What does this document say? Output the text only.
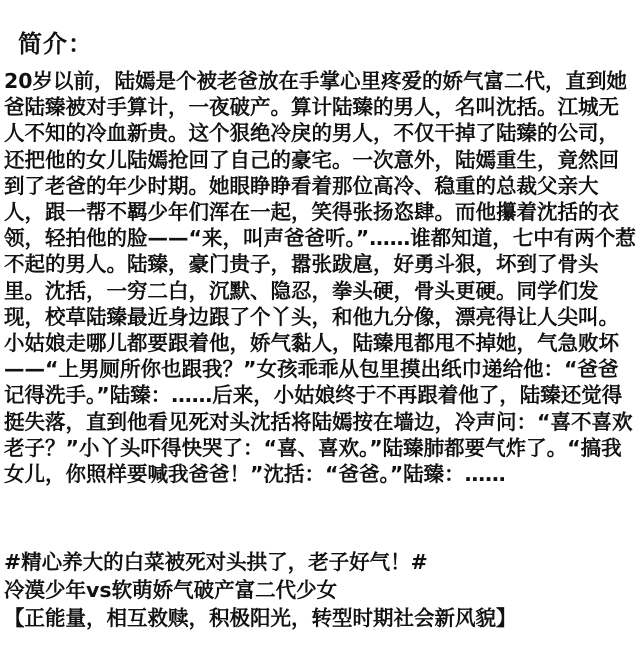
简介：
20岁以前，陆嫣是个被老爸放在手掌心里疼爱的娇气富二代，直到她爸陆臻被对手算计，一夜破产。算计陆臻的男人，名叫沈括。江城无人不知的冷血新贵。这个狠绝冷戾的男人，不仅干掉了陆臻的公司，还把他的女儿陆嫣抢回了自己的豪宅。一次意外，陆嫣重生，竟然回到了老爸的年少时期。她眼睁睁看着那位高冷、稳重的总裁父亲大人，跟一帮不羁少年们浑在一起，笑得张扬恣肆。而他攥着沈括的衣领，轻拍他的脸——“来，叫声爸爸听。”……谁都知道，七中有两个惹不起的男人。陆臻，豪门贵子，嚣张跋扈，好勇斗狠，坏到了骨头里。沈括，一穷二白，沉默、隐忍，拳头硬，骨头更硬。同学们发现，校草陆臻最近身边跟了个丫头，和他九分像，漂亮得让人尖叫。小姑娘走哪儿都要跟着他，娇气黏人，陆臻甩都甩不掉她，气急败坏——“上男厕所你也跟我？”女孩乖乖从包里摸出纸巾递给他：“爸爸记得洗手。”陆臻：……后来，小姑娘终于不再跟着他了，陆臻还觉得挺失落，直到他看见死对头沈括将陆嫣按在墙边，冷声问：“喜不喜欢老子？”小丫头吓得快哭了：“喜、喜欢。”陆臻肺都要气炸了。“搞我女儿，你照样要喊我爸爸！”沈括：“爸爸。”陆臻：……
#精心养大的白菜被死对头拱了，老子好气！#
冷漠少年vs软萌娇气破产富二代少女
【正能量，相互救赎，积极阳光，转型时期社会新风貌】
